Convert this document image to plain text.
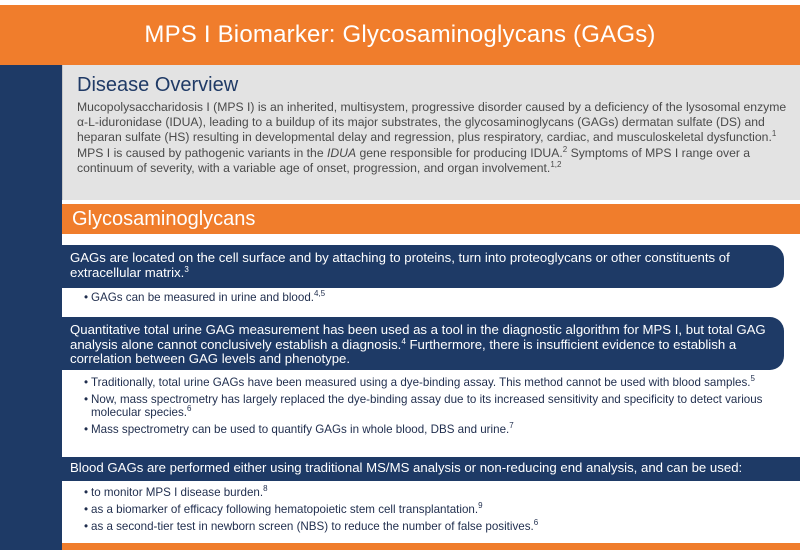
MPS I Biomarker: Glycosaminoglycans (GAGs)
Disease Overview

Mucopolysaccharidosis I (MPS I) is an inherited, multisystem, progressive disorder caused by a deficiency of the lysosomal enzyme α-L-iduronidase (IDUA), leading to a buildup of its major substrates, the glycosaminoglycans (GAGs) dermatan sulfate (DS) and heparan sulfate (HS) resulting in developmental delay and regression, plus respiratory, cardiac, and musculoskeletal dysfunction.$^1$ MPS I is caused by pathogenic variants in the IDUA gene responsible for producing IDUA.$^2$ Symptoms of MPS I range over a continuum of severity, with a variable age of onset, progression, and organ involvement.$^{1,2}$

Glycosaminoglycans
GAGs are located on the cell surface and by attaching to proteins, turn into proteoglycans or other constituents of extracellular matrix.$^3$
• GAGs can be measured in urine and blood.$^{4,5}$
Quantitative total urine GAG measurement has been used as a tool in the diagnostic algorithm for MPS I, but total GAG analysis alone cannot conclusively establish a diagnosis.$^4$ Furthermore, there is insufficient evidence to establish a correlation between GAG levels and phenotype.
• Traditionally, total urine GAGs have been measured using a dye-binding assay. This method cannot be used with blood samples.$^5$
• Now, mass spectrometry has largely replaced the dye-binding assay due to its increased sensitivity and specificity to detect various molecular species.$^6$
• Mass spectrometry can be used to quantify GAGs in whole blood, DBS and urine.$^7$
Blood GAGs are performed either using traditional MS/MS analysis or non-reducing end analysis, and can be used:
• to monitor MPS I disease burden.$^8$
• as a biomarker of efficacy following hematopoietic stem cell transplantation.$^9$
• as a second-tier test in newborn screen (NBS) to reduce the number of false positives.$^6$
